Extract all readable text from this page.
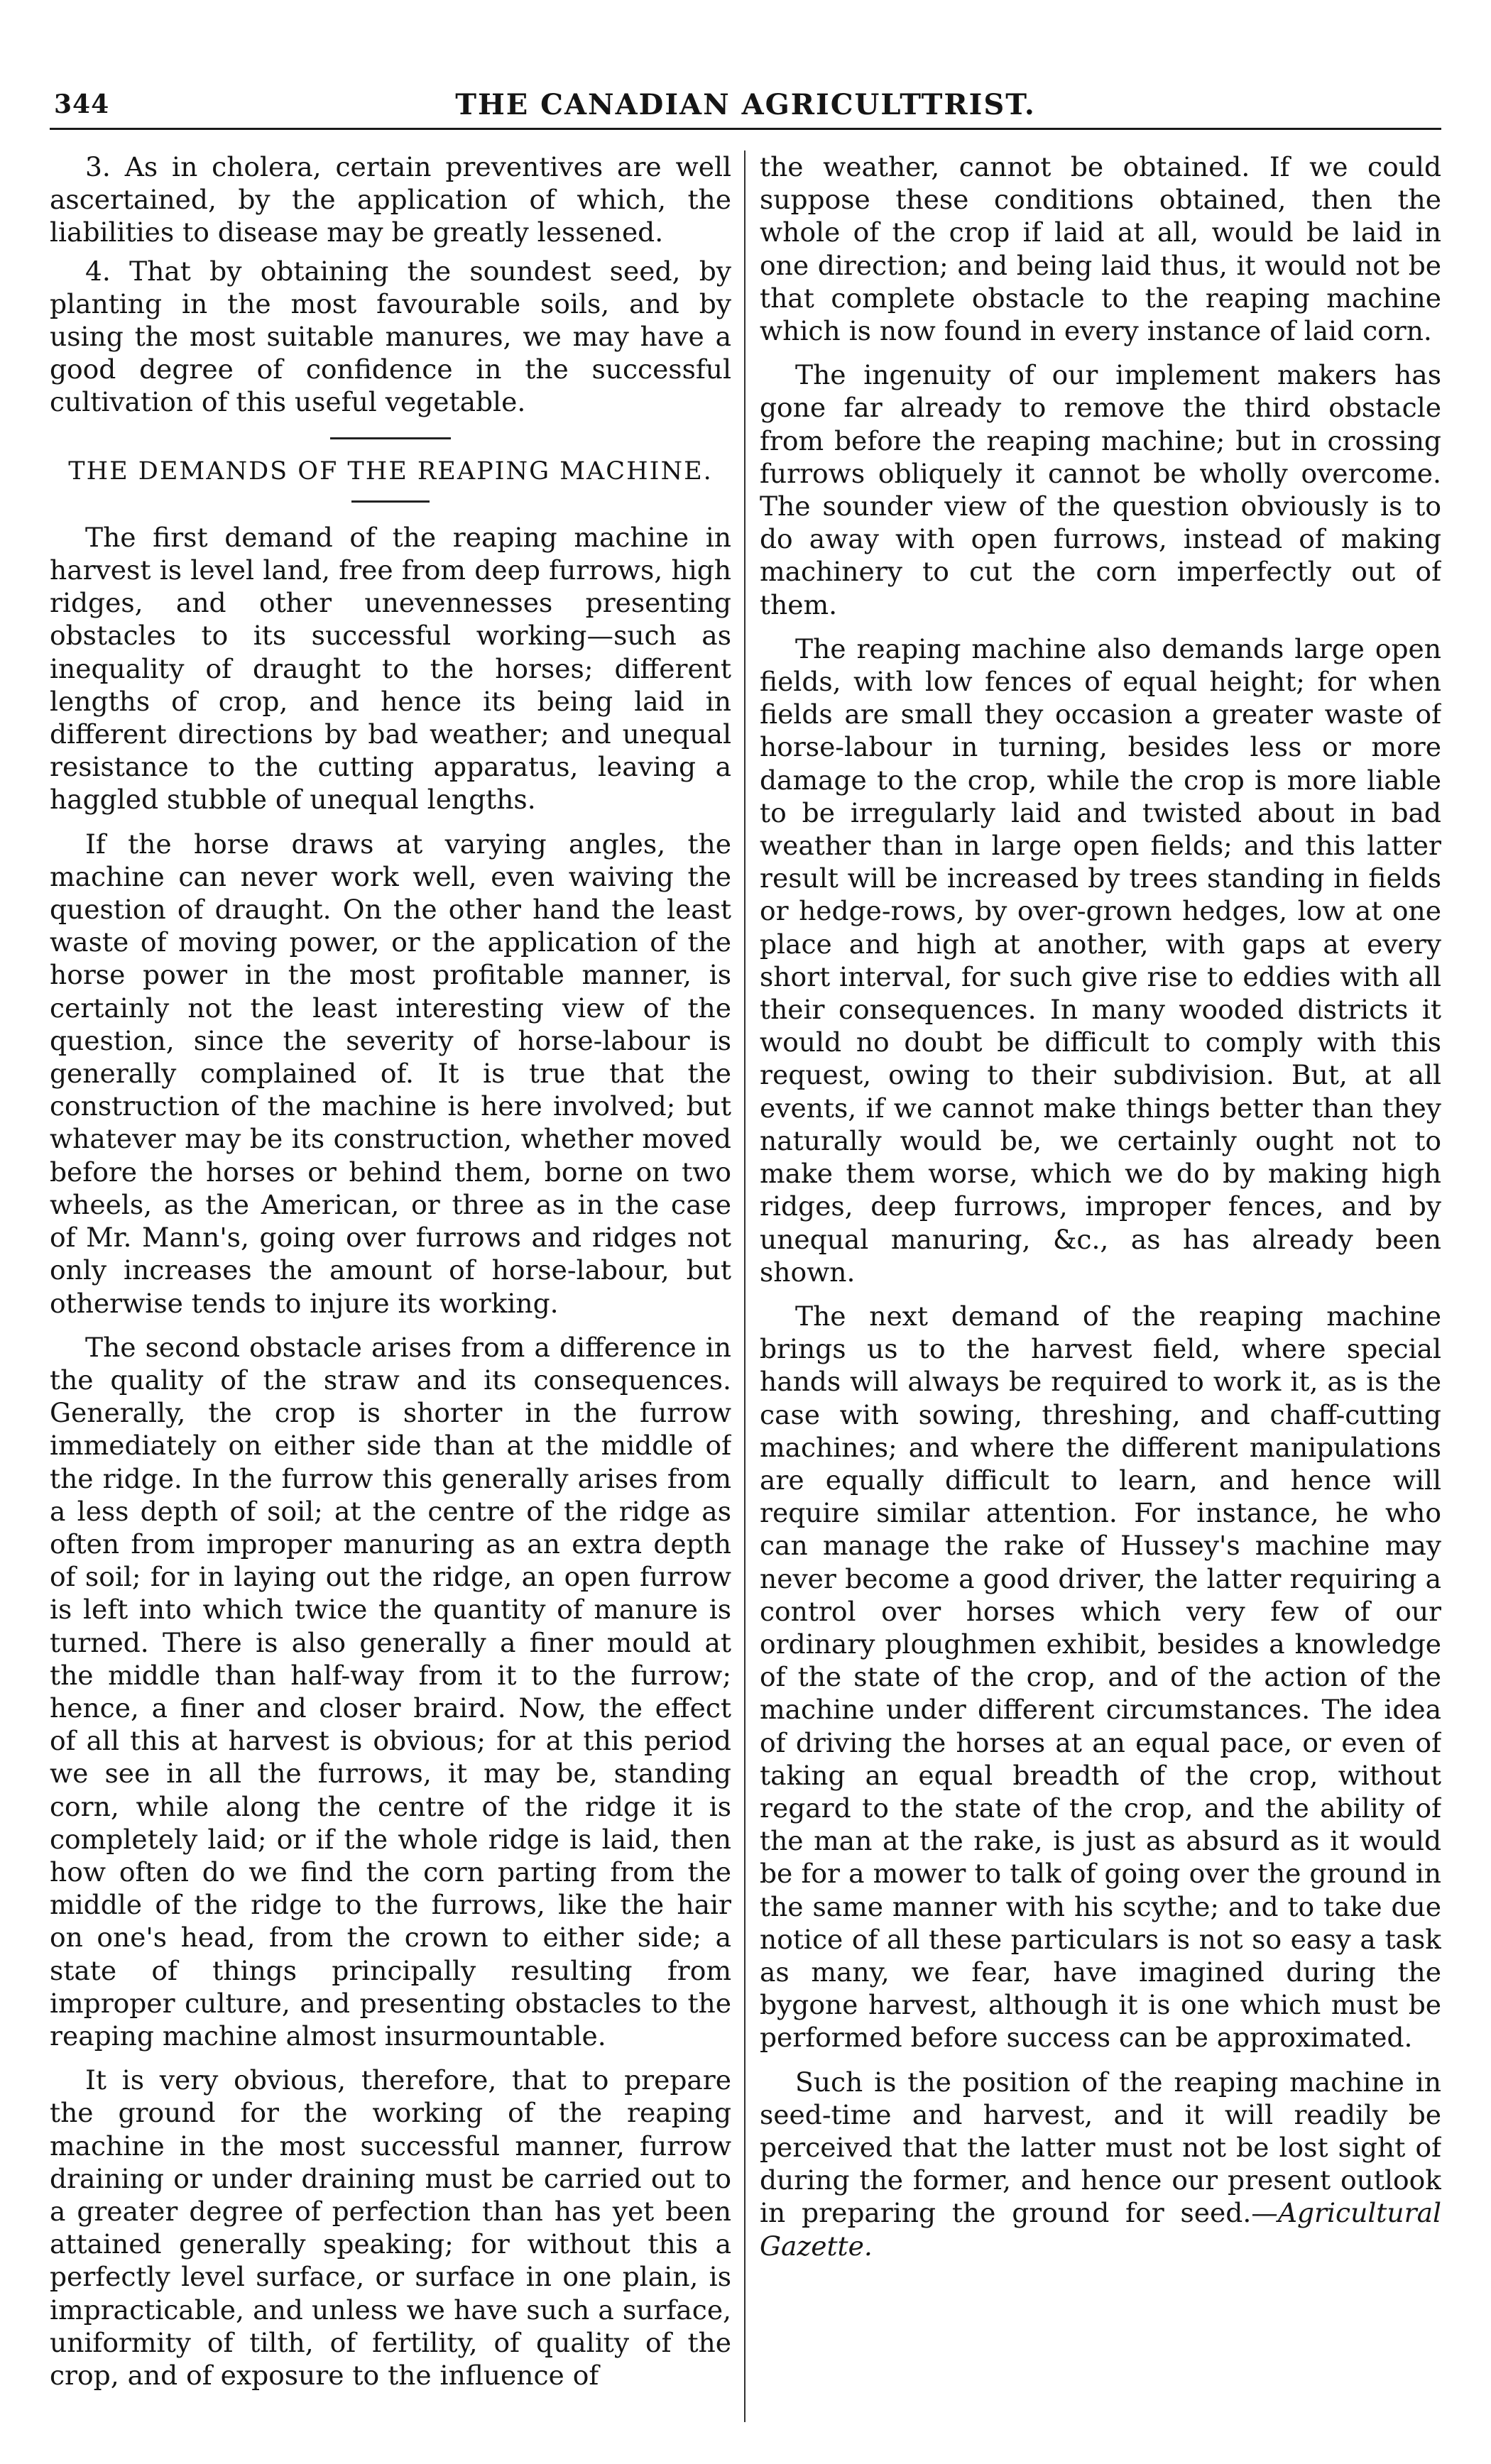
344	THE CANADIAN AGRICULTTRIST.

3. As in cholera, certain preventives are well ascertained, by the application of which, the liabilities to disease may be greatly lessened.

4. That by obtaining the soundest seed, by planting in the most favourable soils, and by using the most suitable manures, we may have a good degree of confidence in the successful cultivation of this useful vegetable.

THE DEMANDS OF THE REAPING MACHINE.

The first demand of the reaping machine in harvest is level land, free from deep furrows, high ridges, and other unevennesses presenting obstacles to its successful working—such as inequality of draught to the horses; different lengths of crop, and hence its being laid in different directions by bad weather; and unequal resistance to the cutting apparatus, leaving a haggled stubble of unequal lengths.

If the horse draws at varying angles, the machine can never work well, even waiving the question of draught. On the other hand the least waste of moving power, or the application of the horse power in the most profitable manner, is certainly not the least interesting view of the question, since the severity of horse-labour is generally complained of. It is true that the construction of the machine is here involved; but whatever may be its construction, whether moved before the horses or behind them, borne on two wheels, as the American, or three as in the case of Mr. Mann's, going over furrows and ridges not only increases the amount of horse-labour, but otherwise tends to injure its working.

The second obstacle arises from a difference in the quality of the straw and its consequences. Generally, the crop is shorter in the furrow immediately on either side than at the middle of the ridge. In the furrow this generally arises from a less depth of soil; at the centre of the ridge as often from improper manuring as an extra depth of soil; for in laying out the ridge, an open furrow is left into which twice the quantity of manure is turned. There is also generally a finer mould at the middle than half-way from it to the furrow; hence, a finer and closer braird. Now, the effect of all this at harvest is obvious; for at this period we see in all the furrows, it may be, standing corn, while along the centre of the ridge it is completely laid; or if the whole ridge is laid, then how often do we find the corn parting from the middle of the ridge to the furrows, like the hair on one's head, from the crown to either side; a state of things principally resulting from improper culture, and presenting obstacles to the reaping machine almost insurmountable.

It is very obvious, therefore, that to prepare the ground for the working of the reaping machine in the most successful manner, furrow draining or under draining must be carried out to a greater degree of perfection than has yet been attained generally speaking; for without this a perfectly level surface, or surface in one plain, is impracticable, and unless we have such a surface, uniformity of tilth, of fertility, of quality of the crop, and of exposure to the influence of

the weather, cannot be obtained. If we could suppose these conditions obtained, then the whole of the crop if laid at all, would be laid in one direction; and being laid thus, it would not be that complete obstacle to the reaping machine which is now found in every instance of laid corn.

The ingenuity of our implement makers has gone far already to remove the third obstacle from before the reaping machine; but in crossing furrows obliquely it cannot be wholly overcome. The sounder view of the question obviously is to do away with open furrows, instead of making machinery to cut the corn imperfectly out of them.

The reaping machine also demands large open fields, with low fences of equal height; for when fields are small they occasion a greater waste of horse-labour in turning, besides less or more damage to the crop, while the crop is more liable to be irregularly laid and twisted about in bad weather than in large open fields; and this latter result will be increased by trees standing in fields or hedge-rows, by over-grown hedges, low at one place and high at another, with gaps at every short interval, for such give rise to eddies with all their consequences. In many wooded districts it would no doubt be difficult to comply with this request, owing to their subdivision. But, at all events, if we cannot make things better than they naturally would be, we certainly ought not to make them worse, which we do by making high ridges, deep furrows, improper fences, and by unequal manuring, &c., as has already been shown.

The next demand of the reaping machine brings us to the harvest field, where special hands will always be required to work it, as is the case with sowing, threshing, and chaff-cutting machines; and where the different manipulations are equally difficult to learn, and hence will require similar attention. For instance, he who can manage the rake of Hussey's machine may never become a good driver, the latter requiring a control over horses which very few of our ordinary ploughmen exhibit, besides a knowledge of the state of the crop, and of the action of the machine under different circumstances. The idea of driving the horses at an equal pace, or even of taking an equal breadth of the crop, without regard to the state of the crop, and the ability of the man at the rake, is just as absurd as it would be for a mower to talk of going over the ground in the same manner with his scythe; and to take due notice of all these particulars is not so easy a task as many, we fear, have imagined during the bygone harvest, although it is one which must be performed before success can be approximated.

Such is the position of the reaping machine in seed-time and harvest, and it will readily be perceived that the latter must not be lost sight of during the former, and hence our present outlook in preparing the ground for seed.—Agricultural Gazette.
